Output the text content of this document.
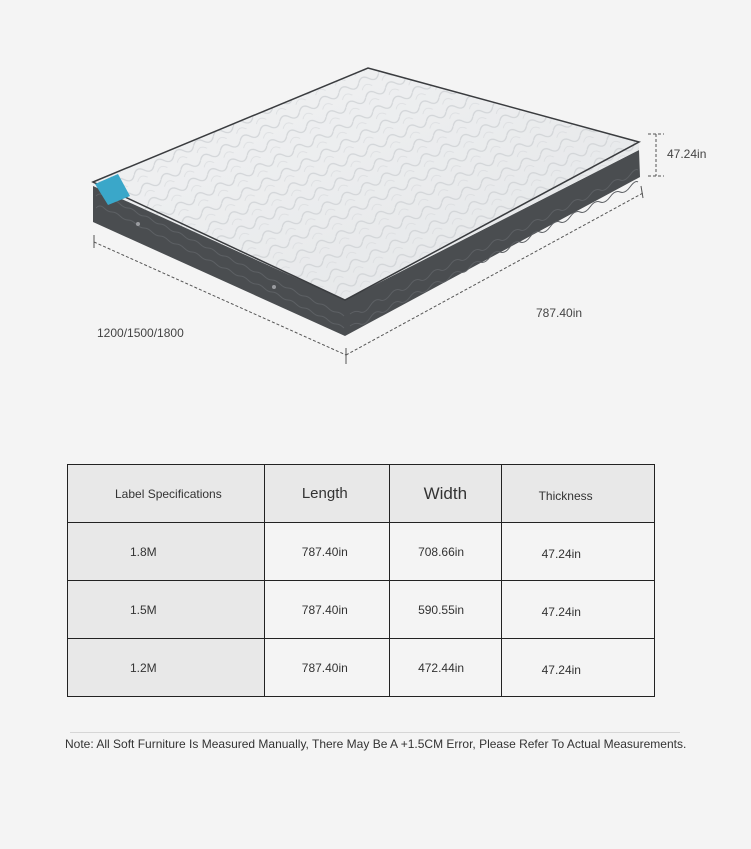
47.24in
787.40in
1200/1500/1800
Label Specifications	Length	Width	Thickness
1.8M	787.40in	708.66in	47.24in
1.5M	787.40in	590.55in	47.24in
1.2M	787.40in	472.44in	47.24in
Note: All Soft Furniture Is Measured Manually, There May Be A +1.5CM Error, Please Refer To Actual Measurements.
